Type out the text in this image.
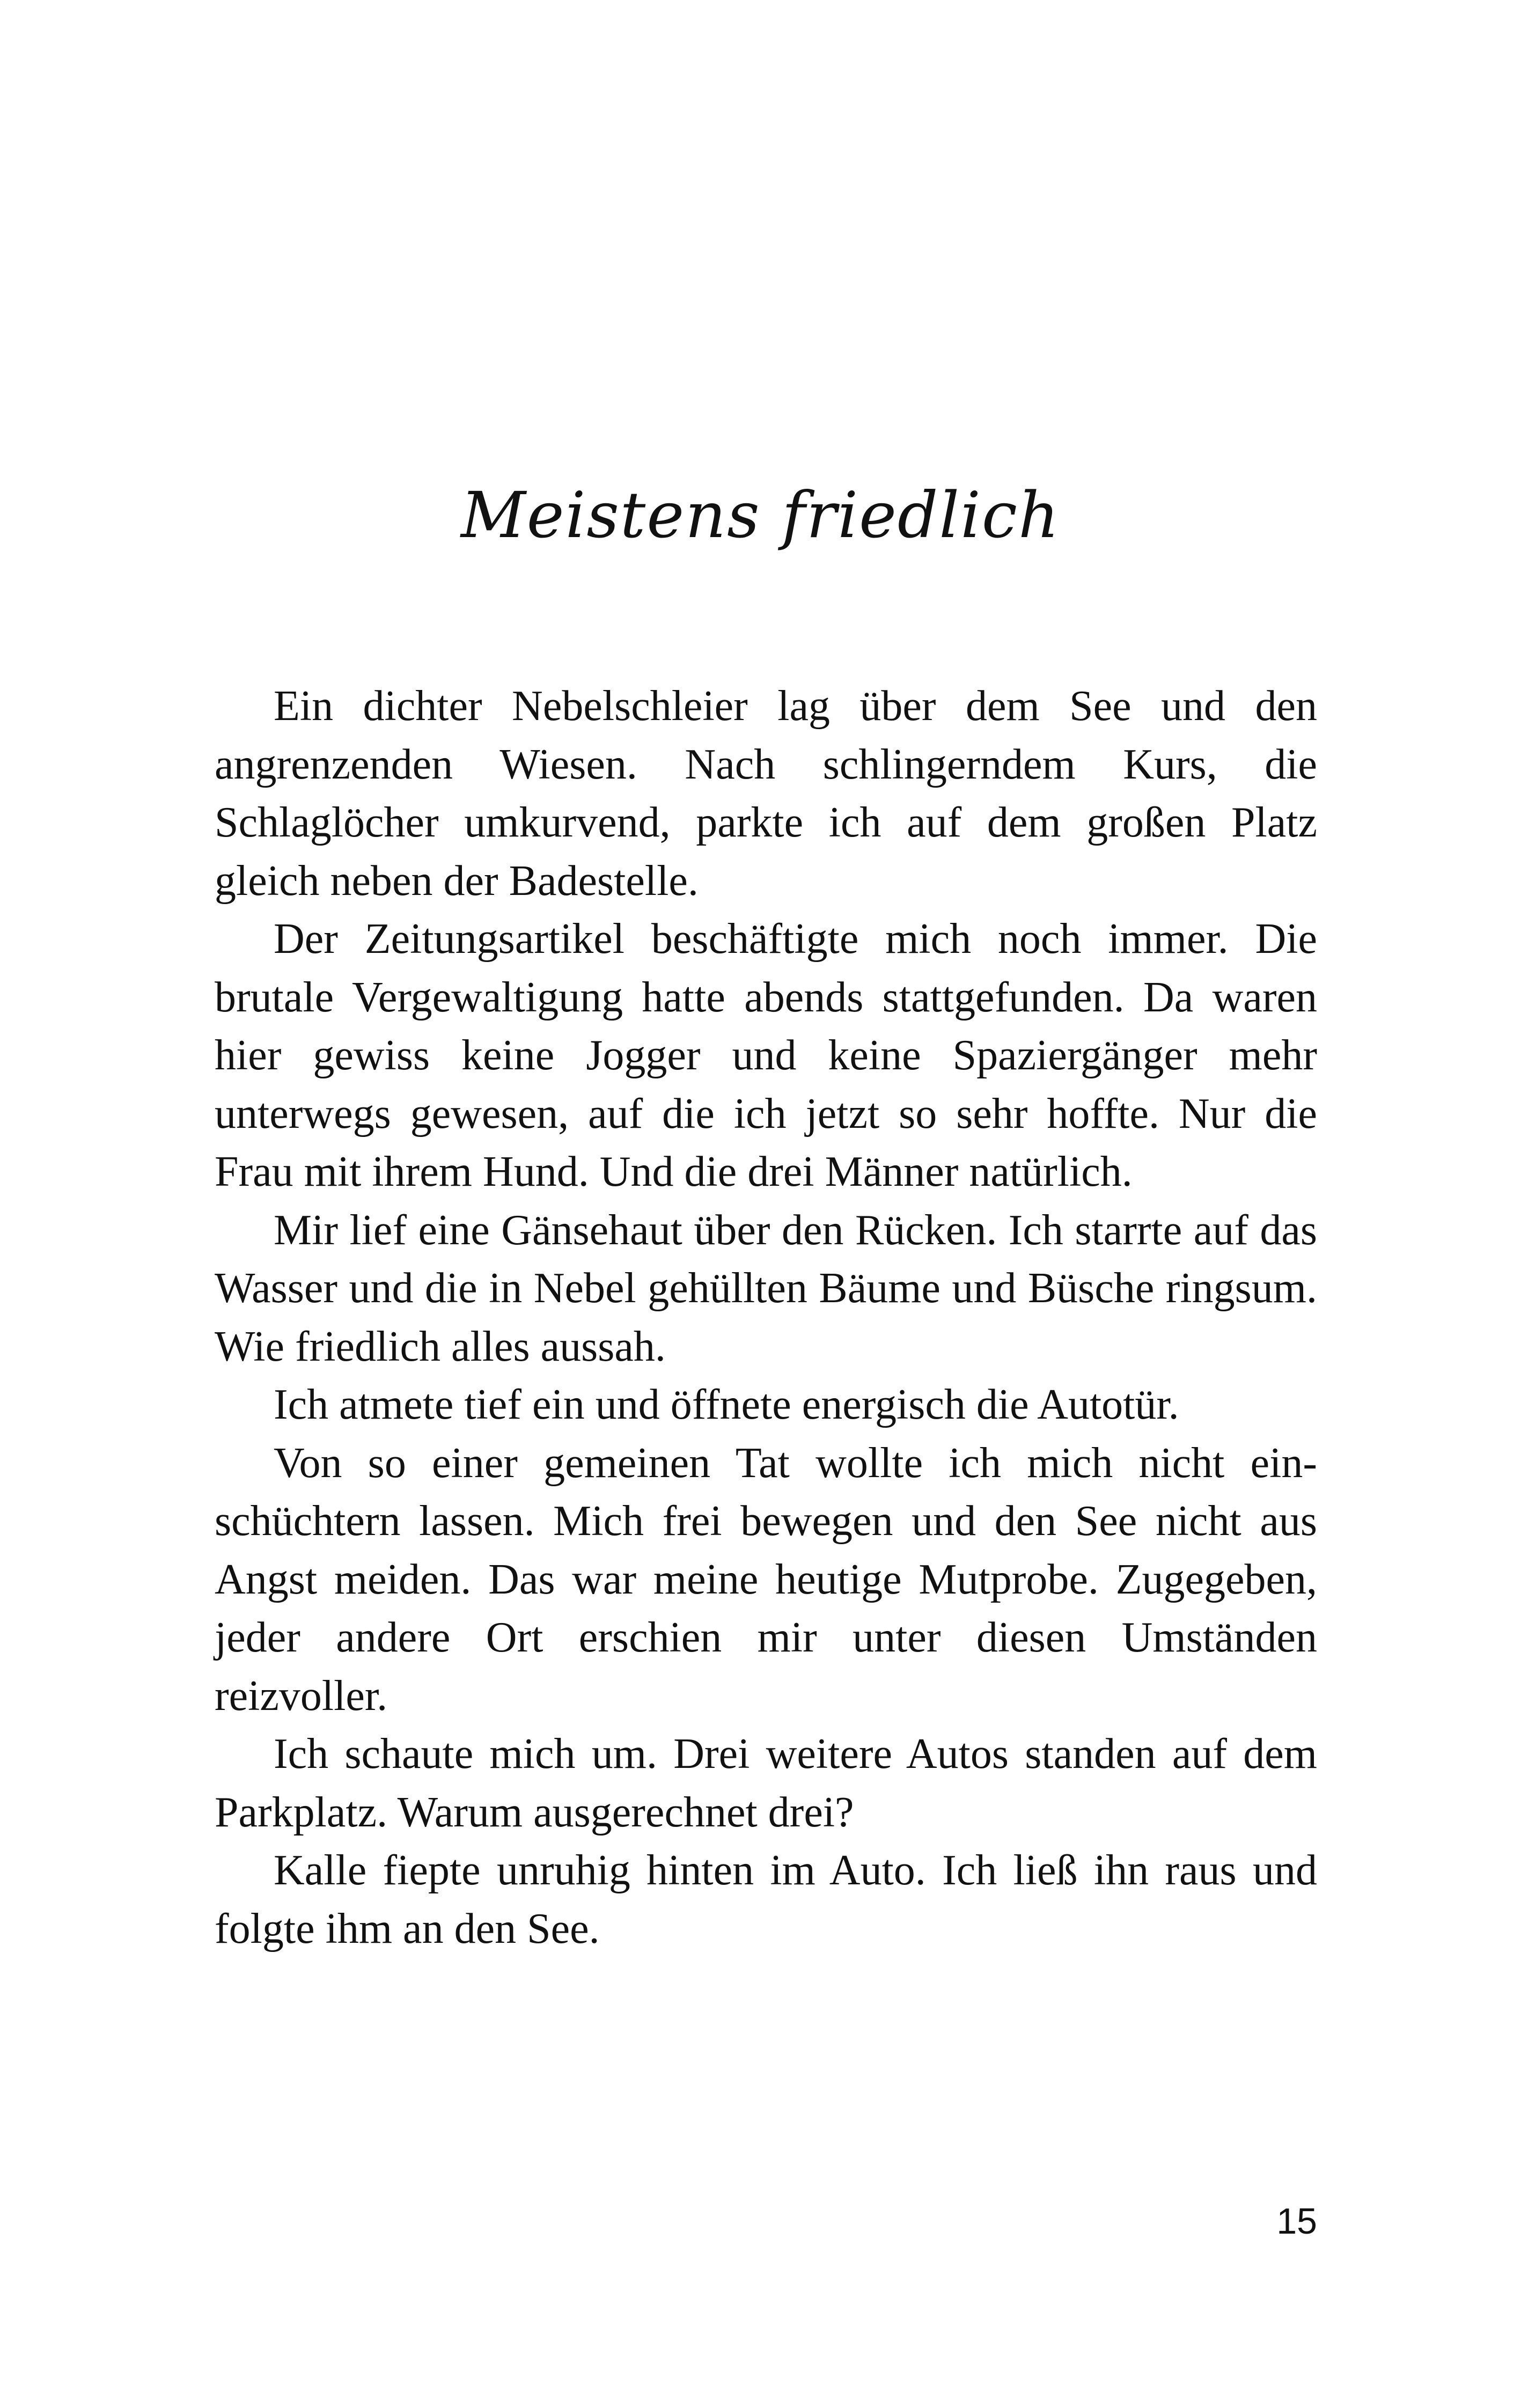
Meistens friedlich

Ein dichter Nebelschleier lag über dem See und den angrenzenden Wiesen. Nach schlingerndem Kurs, die Schlaglöcher umkurvend, parkte ich auf dem großen Platz gleich neben der Badestelle.

Der Zeitungsartikel beschäftigte mich noch immer. Die brutale Vergewaltigung hatte abends stattgefunden. Da waren hier gewiss keine Jogger und keine Spaziergänger mehr unterwegs gewesen, auf die ich jetzt so sehr hoffte. Nur die Frau mit ihrem Hund. Und die drei Männer natürlich.

Mir lief eine Gänsehaut über den Rücken. Ich starrte auf das Wasser und die in Nebel gehüllten Bäume und Büsche ringsum. Wie friedlich alles aussah.

Ich atmete tief ein und öffnete energisch die Autotür.

Von so einer gemeinen Tat wollte ich mich nicht einschüchtern lassen. Mich frei bewegen und den See nicht aus Angst meiden. Das war meine heutige Mutprobe. Zugegeben, jeder andere Ort erschien mir unter diesen Umständen reizvoller.

Ich schaute mich um. Drei weitere Autos standen auf dem Parkplatz. Warum ausgerechnet drei?

Kalle fiepte unruhig hinten im Auto. Ich ließ ihn raus und folgte ihm an den See.

15
